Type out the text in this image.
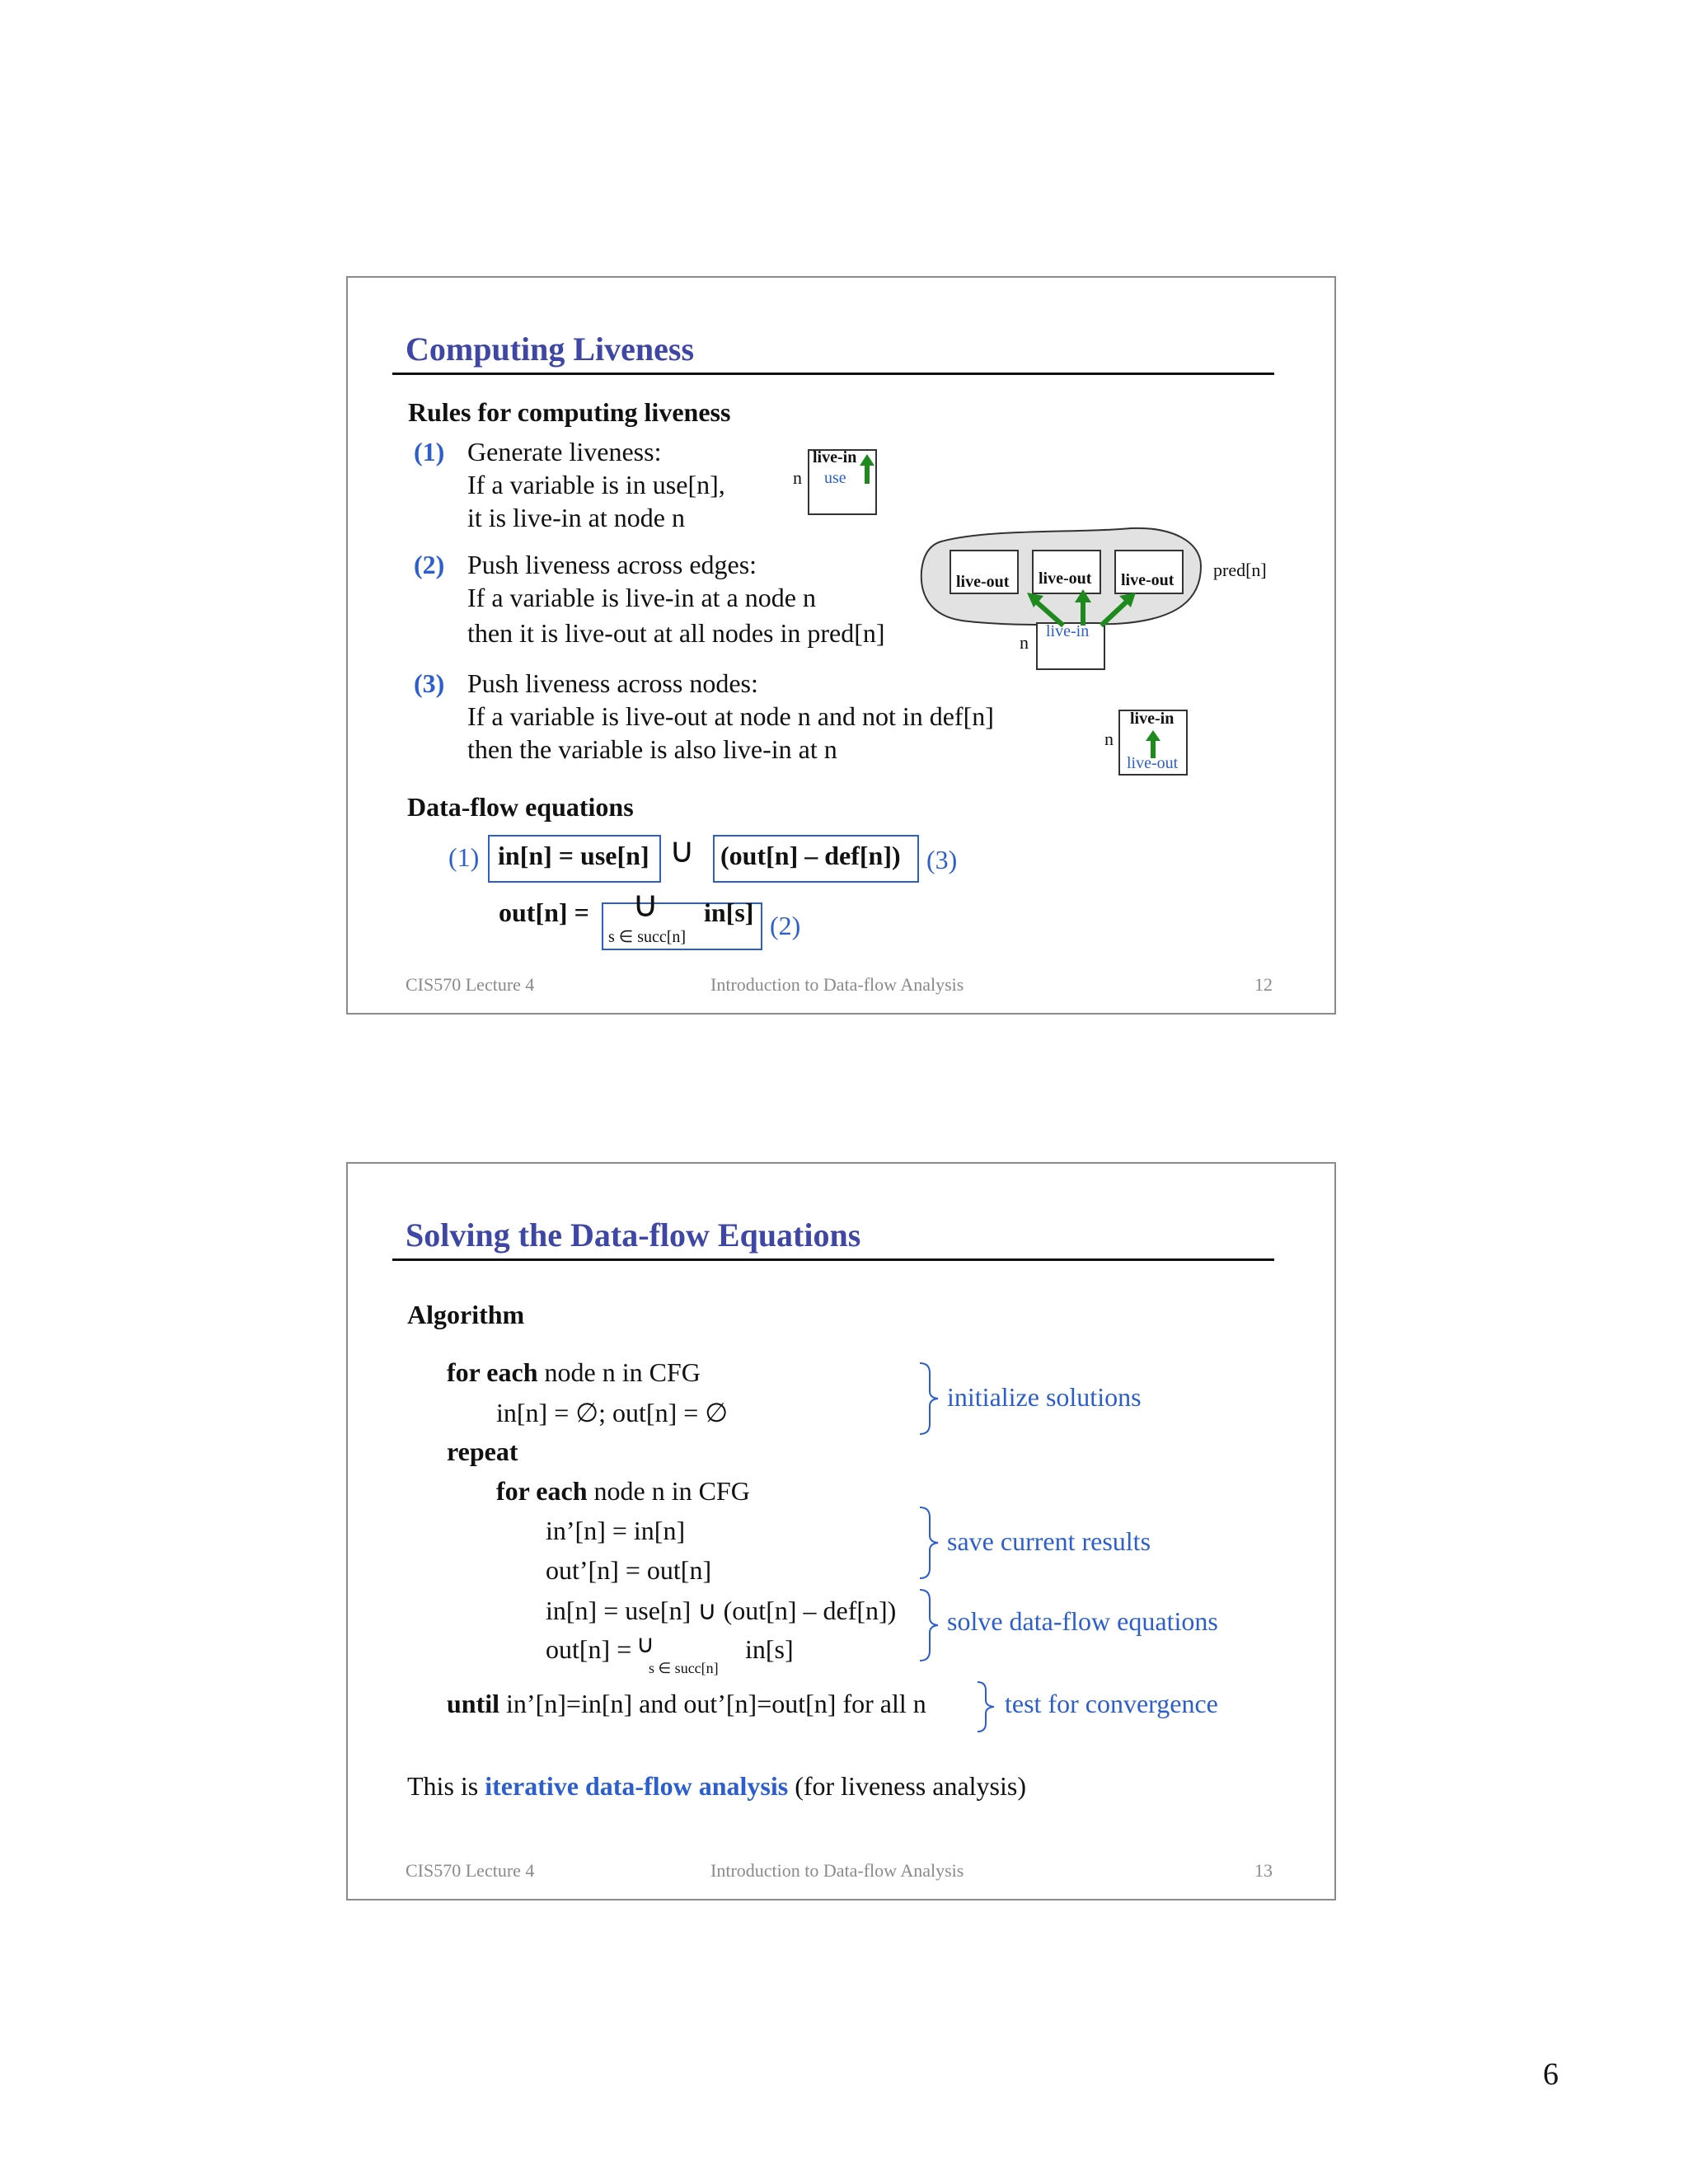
Computing Liveness
Rules for computing liveness
(1) Generate liveness:
If a variable is in use[n],
it is live-in at node n
n
live-in
use
(2) Push liveness across edges:
If a variable is live-in at a node n
then it is live-out at all nodes in pred[n]
live-out live-out live-out pred[n]
live-in
n
(3) Push liveness across nodes:
If a variable is live-out at node n and not in def[n]
then the variable is also live-in at n	n
live-in
live-out
Data-flow equations
(1) in[n] = use[n] ∪ (out[n] – def[n]) (3)
out[n] = ∪
s ∈ succ[n]
in[s] (2)
CIS570 Lecture 4	Introduction to Data-flow Analysis	12
Solving the Data-flow Equations
Algorithm
for each node n in CFG
in[n] = ∅; out[n] = ∅
repeat
for each node n in CFG
in’[n] = in[n]
out’[n] = out[n]
in[n] = use[n] ∪ (out[n] – def[n])
out[n] = ∪
s ∈ succ[n]
in[s]
until in’[n]=in[n] and out’[n]=out[n] for all n
initialize solutions
save current results
solve data-flow equations
test for convergence
This is iterative data-flow analysis (for liveness analysis)
CIS570 Lecture 4	Introduction to Data-flow Analysis	13
6
